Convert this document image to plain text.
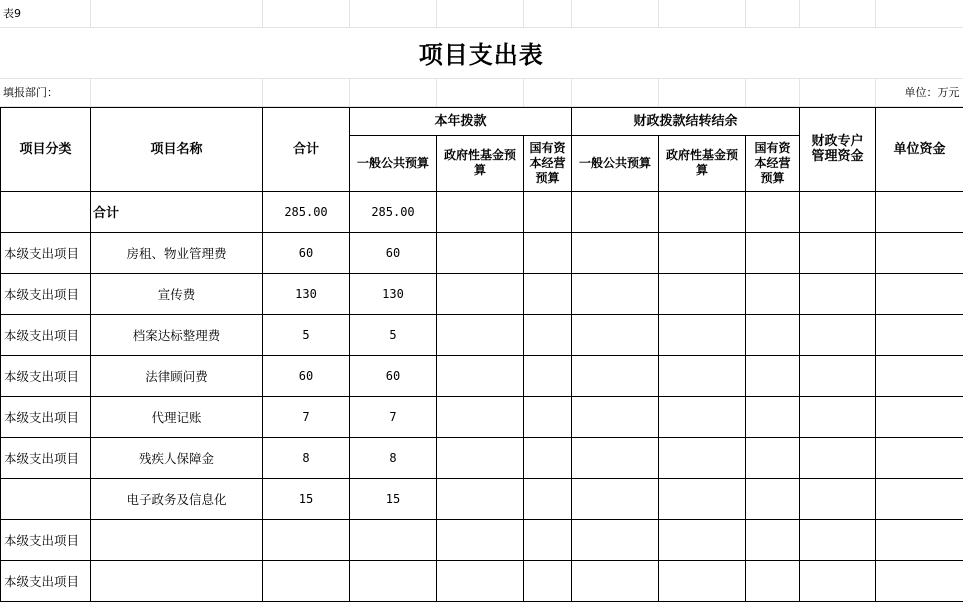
表9										
项目支出表										
填报部门：										单位：万元
项目分类	项目名称	合计	本年拨款			财政拨款结转结余			财政专户管理资金	单位资金
			一般公共预算	政府性基金预算	国有资本经营预算	一般公共预算	政府性基金预算	国有资本经营预算		
	合计	285.00	285.00							
本级支出项目	房租、物业管理费	60	60							
本级支出项目	宣传费	130	130							
本级支出项目	档案达标整理费	5	5							
本级支出项目	法律顾问费	60	60							
本级支出项目	代理记账	7	7							
本级支出项目	残疾人保障金	8	8							
	电子政务及信息化	15	15							
本级支出项目										
本级支出项目										
